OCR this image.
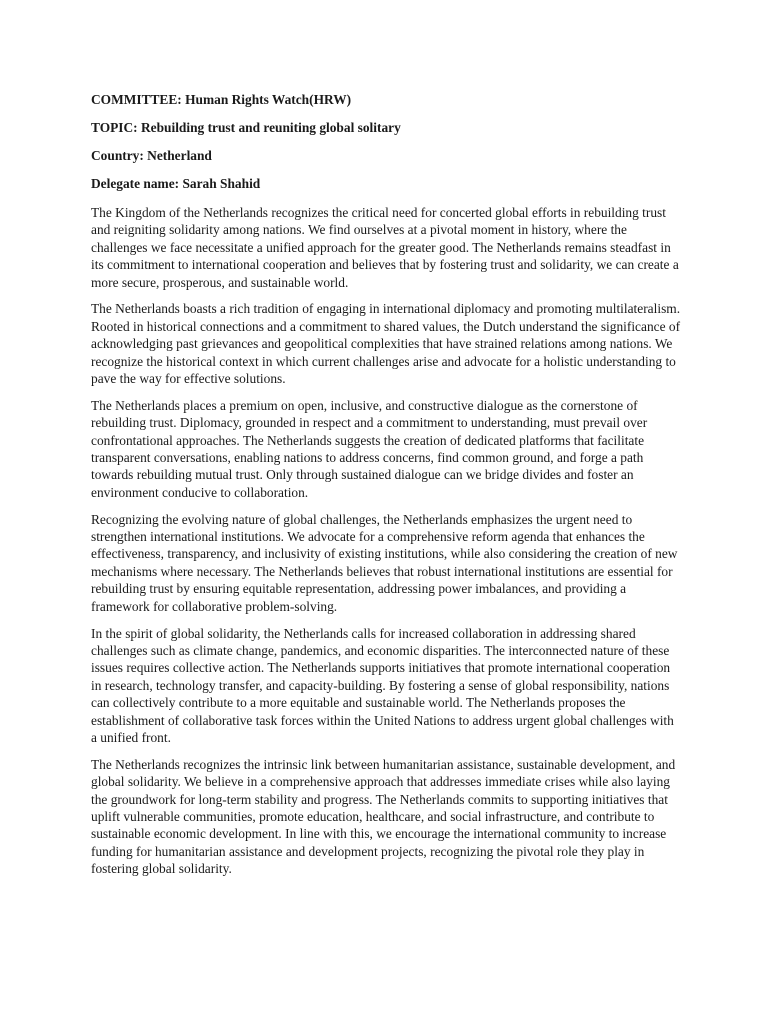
COMMITTEE: Human Rights Watch(HRW)
TOPIC: Rebuilding trust and reuniting global solitary
Country: Netherland
Delegate name: Sarah Shahid

The Kingdom of the Netherlands recognizes the critical need for concerted global efforts in rebuilding trust and reigniting solidarity among nations. We find ourselves at a pivotal moment in history, where the challenges we face necessitate a unified approach for the greater good. The Netherlands remains steadfast in its commitment to international cooperation and believes that by fostering trust and solidarity, we can create a more secure, prosperous, and sustainable world.

The Netherlands boasts a rich tradition of engaging in international diplomacy and promoting multilateralism. Rooted in historical connections and a commitment to shared values, the Dutch understand the significance of acknowledging past grievances and geopolitical complexities that have strained relations among nations. We recognize the historical context in which current challenges arise and advocate for a holistic understanding to pave the way for effective solutions.

The Netherlands places a premium on open, inclusive, and constructive dialogue as the cornerstone of rebuilding trust. Diplomacy, grounded in respect and a commitment to understanding, must prevail over confrontational approaches. The Netherlands suggests the creation of dedicated platforms that facilitate transparent conversations, enabling nations to address concerns, find common ground, and forge a path towards rebuilding mutual trust. Only through sustained dialogue can we bridge divides and foster an environment conducive to collaboration.

Recognizing the evolving nature of global challenges, the Netherlands emphasizes the urgent need to strengthen international institutions. We advocate for a comprehensive reform agenda that enhances the effectiveness, transparency, and inclusivity of existing institutions, while also considering the creation of new mechanisms where necessary. The Netherlands believes that robust international institutions are essential for rebuilding trust by ensuring equitable representation, addressing power imbalances, and providing a framework for collaborative problem-solving.

In the spirit of global solidarity, the Netherlands calls for increased collaboration in addressing shared challenges such as climate change, pandemics, and economic disparities. The interconnected nature of these issues requires collective action. The Netherlands supports initiatives that promote international cooperation in research, technology transfer, and capacity-building. By fostering a sense of global responsibility, nations can collectively contribute to a more equitable and sustainable world. The Netherlands proposes the establishment of collaborative task forces within the United Nations to address urgent global challenges with a unified front.

The Netherlands recognizes the intrinsic link between humanitarian assistance, sustainable development, and global solidarity. We believe in a comprehensive approach that addresses immediate crises while also laying the groundwork for long-term stability and progress. The Netherlands commits to supporting initiatives that uplift vulnerable communities, promote education, healthcare, and social infrastructure, and contribute to sustainable economic development. In line with this, we encourage the international community to increase funding for humanitarian assistance and development projects, recognizing the pivotal role they play in fostering global solidarity.
